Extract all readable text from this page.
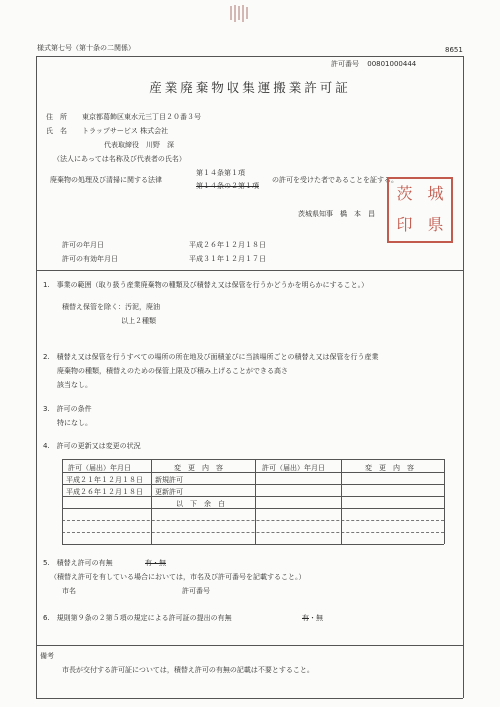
様式第七号（第十条の二関係）	8651
許可番号 00801000444
産業廃棄物収集運搬業許可証
住　所 東京都葛飾区東水元三丁目２０番３号
氏　名 トラップサービス 株式会社
代表取締役　川野　深
（法人にあっては名称及び代表者の氏名）
廃棄物の処理及び清掃に関する法律
第１４条第１項
第１４条の２第１項
の許可を受けた者であることを証する。
茨城県知事　橋　本　昌
茨 城
印 県
許可の年月日	平成２６年１２月１８日
許可の有効年月日	平成３１年１２月１７日
1.　事業の範囲（取り扱う産業廃棄物の種類及び積替え又は保管を行うかどうかを明らかにすること。）
積替え保管を除く：汚泥，廃油
以上２種類
2.　積替え又は保管を行うすべての場所の所在地及び面積並びに当該場所ごとの積替え又は保管を行う産業
廃棄物の種類，積替えのための保管上限及び積み上げることができる高さ
該当なし。
3.　許可の条件
特になし。
4.　許可の更新又は変更の状況
許可（届出）年月日	変　更　内　容	許可（届出）年月日	変　更　内　容
平成２１年１２月１８日 新規許可
平成２６年１２月１８日 更新許可
以　下　余　白
5.　積替え許可の有無	有・無
（積替え許可を有している場合においては，市名及び許可番号を記載すること。）
市名	許可番号
6.　規則第９条の２第５項の規定による許可証の提出の有無	有・無
備考
市長が交付する許可証については，積替え許可の有無の記載は不要とすること。
